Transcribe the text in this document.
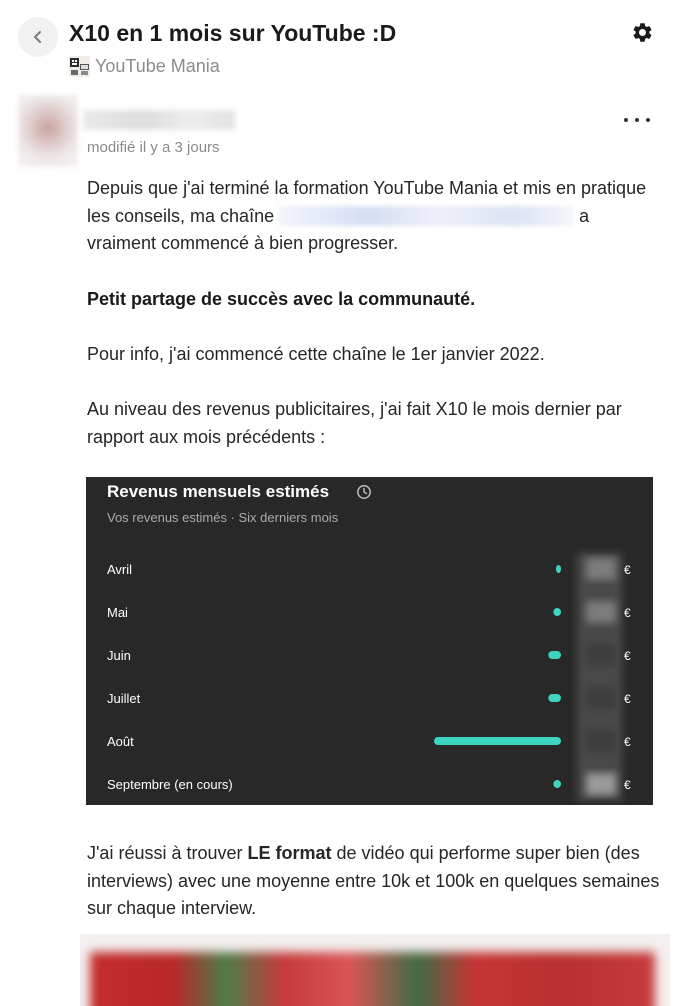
X10 en 1 mois sur YouTube :D
YouTube Mania
modifié il y a 3 jours
Depuis que j'ai terminé la formation YouTube Mania et mis en pratique les conseils, ma chaîne	a vraiment commencé à bien progresser.
Petit partage de succès avec la communauté.
Pour info, j'ai commencé cette chaîne le 1er janvier 2022.
Au niveau des revenus publicitaires, j'ai fait X10 le mois dernier par rapport aux mois précédents :
Avril	€
Mai	€
Juin	€
Juillet	€
Août	€
Septembre (en cours)	€
Revenus mensuels estimés
Vos revenus estimés · Six derniers mois
J'ai réussi à trouver LE format de vidéo qui performe super bien (des interviews) avec une moyenne entre 10k et 100k en quelques semaines sur chaque interview.
